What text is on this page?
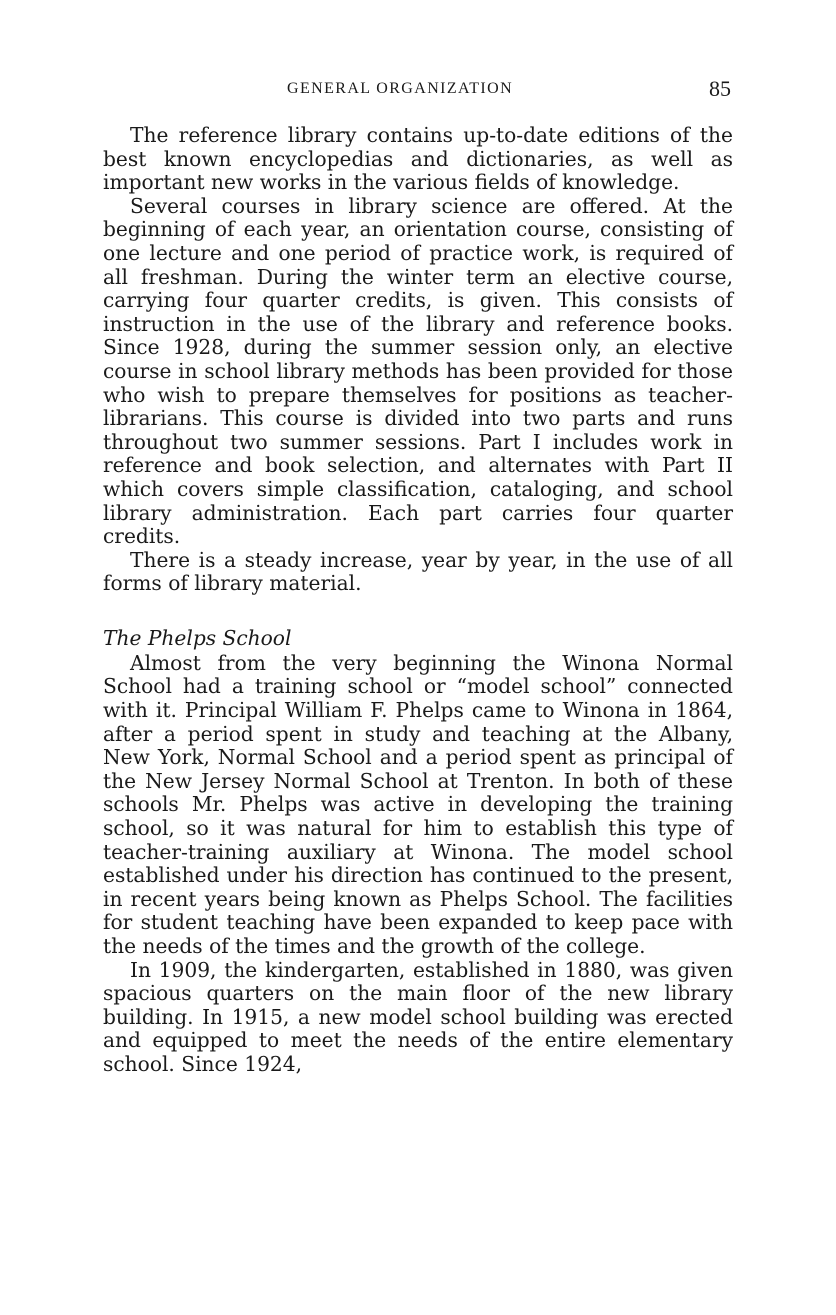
GENERAL ORGANIZATION	85

The reference library contains up-to-date editions of the best known encyclopedias and dictionaries, as well as important new works in the various fields of knowledge.

Several courses in library science are offered. At the beginning of each year, an orientation course, consisting of one lecture and one period of practice work, is required of all freshman. During the winter term an elective course, carrying four quarter credits, is given. This consists of instruction in the use of the library and reference books. Since 1928, during the summer session only, an elective course in school library methods has been provided for those who wish to prepare themselves for positions as teacher-librarians. This course is divided into two parts and runs throughout two summer sessions. Part I includes work in reference and book selection, and alternates with Part II which covers simple classification, cataloging, and school library administration. Each part carries four quarter credits.

There is a steady increase, year by year, in the use of all forms of library material.

The Phelps School

Almost from the very beginning the Winona Normal School had a training school or “model school” connected with it. Principal William F. Phelps came to Winona in 1864, after a period spent in study and teaching at the Albany, New York, Normal School and a period spent as principal of the New Jersey Normal School at Trenton. In both of these schools Mr. Phelps was active in developing the training school, so it was natural for him to establish this type of teacher-training auxiliary at Winona. The model school established under his direction has continued to the present, in recent years being known as Phelps School. The facilities for student teaching have been expanded to keep pace with the needs of the times and the growth of the college.

In 1909, the kindergarten, established in 1880, was given spacious quarters on the main floor of the new library building. In 1915, a new model school building was erected and equipped to meet the needs of the entire elementary school. Since 1924,
